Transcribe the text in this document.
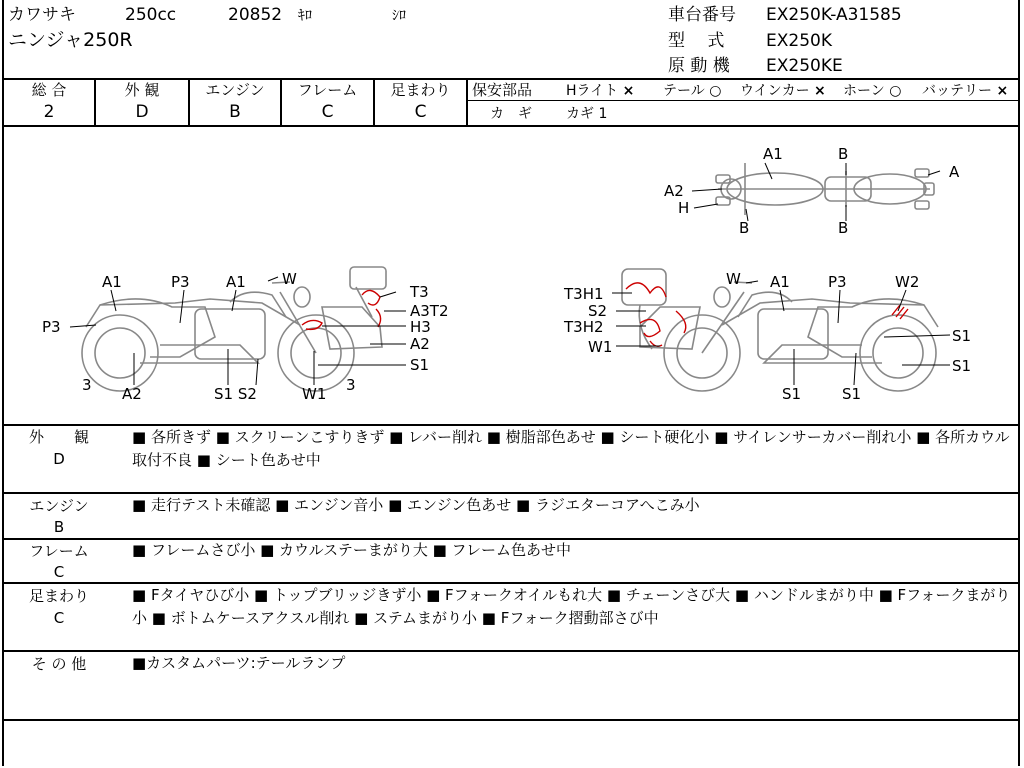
カワサキ	250cc	20852 ｷﾛ	ｼﾛ
ニンジャ250R
車台番号 EX250K-A31585
型　 式 EX250K
原 動 機 EX250KE
総 合
2
外 観
D
エンジン
B
フレーム
C
足まわり
C
保安部品 Hライト × テール ○ ウインカー × ホーン ○ バッテリー ×
カ　ギ カギ 1
A1	B
A
A2
H
B	B
A1	P3 A1 W
T3
A3T2
H3
A2
S1
P3
3 A2	S1 S2	W1 3
T3H1
S2
T3H2
W1
W A1	P3	W2
S1
S1
S1	S1
外　　観
D
■ 各所きず ■ スクリーンこすりきず ■ レバー削れ ■ 樹脂部色あせ ■ シート硬化小 ■ サイレンサーカバー削れ小 ■ 各所カウル取付不良 ■ シート色あせ中
エンジン
B
■ 走行テスト未確認 ■ エンジン音小 ■ エンジン色あせ ■ ラジエターコアへこみ小
フレーム
C
■ フレームさび小 ■ カウルステーまがり大 ■ フレーム色あせ中
足まわり
C
■ Fタイヤひび小 ■ トップブリッジきず小 ■ Fフォークオイルもれ大 ■ チェーンさび大 ■ ハンドルまがり中 ■ Fフォークまがり小 ■ ボトムケースアクスル削れ ■ ステムまがり小 ■ Fフォーク摺動部さび中
そ の 他	■カスタムパーツ:テールランプ
